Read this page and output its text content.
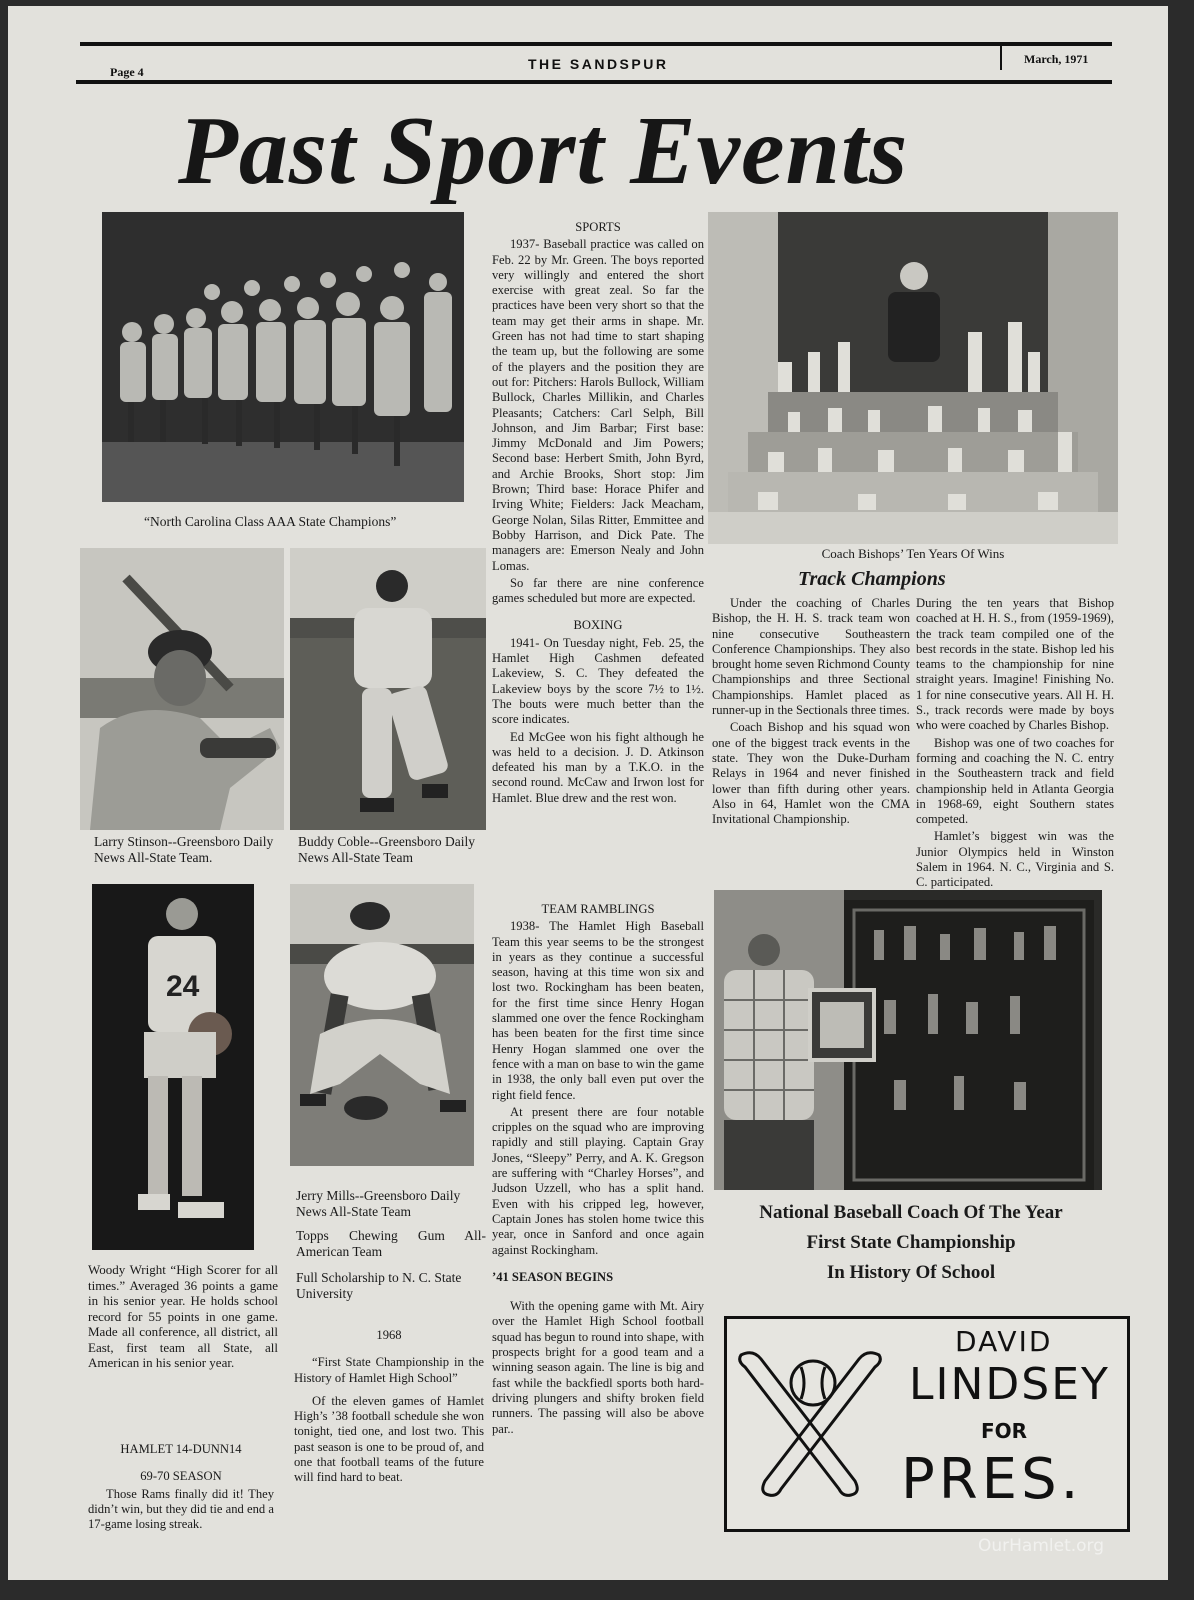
Page 4	THE SANDSPUR	March, 1971
Past Sport Events
“North Carolina Class AAA State Champions”
Larry Stinson--Greensboro Daily News All-State Team.
Buddy Coble--Greensboro Daily News All-State Team
24
Woody Wright “High Scorer for all times.” Averaged 36 points a game in his senior year. He holds school record for 55 points in one game. Made all conference, all district, all East, first team all State, all American in his senior year.
Jerry Mills--Greensboro Daily News All-State Team
Topps Chewing Gum All-American Team
Full Scholarship to N. C. State University

1968

“First State Championship in the History of Hamlet High School”

Of the eleven games of Hamlet High’s ’38 football schedule she won tonight, tied one, and lost two. This past season is one to be proud of, and one that football teams of the future will find hard to beat.

HAMLET 14-DUNN14

69-70 SEASON

Those Rams finally did it! They didn’t win, but they did tie and end a 17-game losing streak.

SPORTS

1937- Baseball practice was called on Feb. 22 by Mr. Green. The boys reported very willingly and entered the short exercise with great zeal. So far the practices have been very short so that the team may get their arms in shape. Mr. Green has not had time to start shaping the team up, but the following are some of the players and the position they are out for: Pitchers: Harols Bullock, William Bullock, Charles Millikin, and Charles Pleasants; Catchers: Carl Selph, Bill Johnson, and Jim Barbar; First base: Jimmy McDonald and Jim Powers; Second base: Herbert Smith, John Byrd, and Archie Brooks, Short stop: Jim Brown; Third base: Horace Phifer and Irving White; Fielders: Jack Meacham, George Nolan, Silas Ritter, Emmittee and Bobby Harrison, and Dick Pate. The managers are: Emerson Nealy and John Lomas.

So far there are nine conference games scheduled but more are expected.

BOXING

1941- On Tuesday night, Feb. 25, the Hamlet High Cashmen defeated Lakeview, S. C. They defeated the Lakeview boys by the score 7½ to 1½. The bouts were much better than the score indicates.

Ed McGee won his fight although he was held to a decision. J. D. Atkinson defeated his man by a T.K.O. in the second round. McCaw and Irwon lost for Hamlet. Blue drew and the rest won.

TEAM RAMBLINGS

1938- The Hamlet High Baseball Team this year seems to be the strongest in years as they continue a successful season, having at this time won six and lost two. Rockingham has been beaten, for the first time since Henry Hogan slammed one over the fence Rockingham has been beaten for the first time since Henry Hogan slammed one over the fence with a man on base to win the game in 1938, the only ball even put over the right field fence.

At present there are four notable cripples on the squad who are improving rapidly and still playing. Captain Gray Jones, “Sleepy” Perry, and A. K. Gregson are suffering with “Charley Horses”, and Judson Uzzell, who has a split hand. Even with his cripped leg, however, Captain Jones has stolen home twice this year, once in Sanford and once again against Rockingham.

’41 SEASON BEGINS

With the opening game with Mt. Airy over the Hamlet High School football squad has begun to round into shape, with prospects bright for a good team and a winning season again. The line is big and fast while the backfiedl sports both hard-driving plungers and shifty broken field runners. The passing will also be above par..

Coach Bishops’ Ten Years Of Wins
Track Champions

Under the coaching of Charles Bishop, the H. H. S. track team won nine consecutive Southeastern Conference Championships. They also brought home seven Richmond County Championships and three Sectional Championships. Hamlet placed as runner-up in the Sectionals three times.

Coach Bishop and his squad won one of the biggest track events in the state. They won the Duke-Durham Relays in 1964 and never finished lower than fifth during other years. Also in 64, Hamlet won the CMA Invitational Championship.

During the ten years that Bishop coached at H. H. S., from (1959-1969), the track team compiled one of the best records in the state. Bishop led his teams to the championship for nine straight years. Imagine! Finishing No. 1 for nine consecutive years. All H. H. S., track records were made by boys who were coached by Charles Bishop.

Bishop was one of two coaches for forming and coaching the N. C. entry in the Southeastern track and field championship held in Atlanta Georgia in 1968-69, eight Southern states competed.

Hamlet’s biggest win was the Junior Olympics held in Winston Salem in 1964. N. C., Virginia and S. C. participated.

National Baseball Coach Of The Year
First State Championship
In History Of School
DAVID
LINDSEY
FOR
PRES.
OurHamlet.org
